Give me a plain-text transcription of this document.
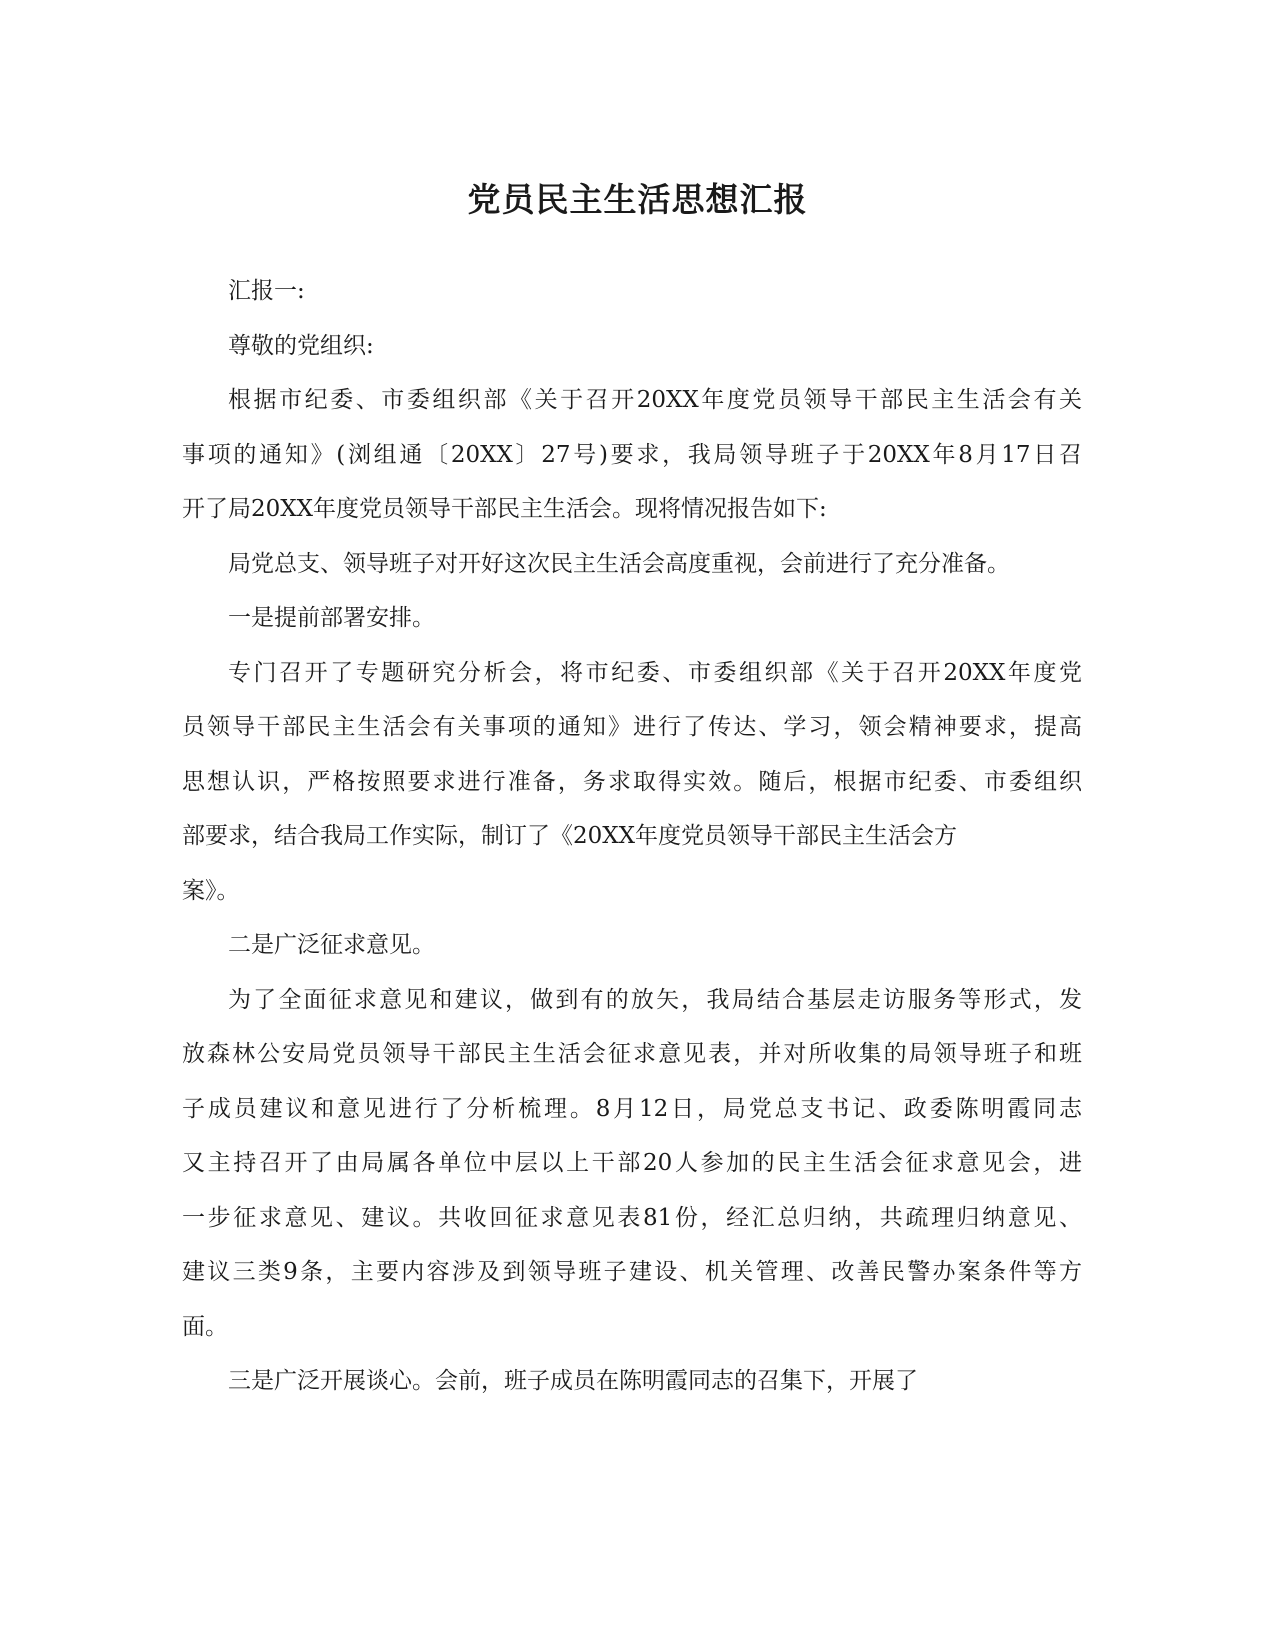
党员民主生活思想汇报

汇报一:

尊敬的党组织:

根据市纪委、市委组织部《关于召开20XX年度党员领导干部民主生活会有关
事项的通知》(浏组通〔20XX〕27号)要求，我局领导班子于20XX年8月17日召
开了局20XX年度党员领导干部民主生活会。现将情况报告如下:

局党总支、领导班子对开好这次民主生活会高度重视，会前进行了充分准备。

一是提前部署安排。

专门召开了专题研究分析会，将市纪委、市委组织部《关于召开20XX年度党
员领导干部民主生活会有关事项的通知》进行了传达、学习，领会精神要求，提高
思想认识，严格按照要求进行准备，务求取得实效。随后，根据市纪委、市委组织
部要求，结合我局工作实际，制订了《20XX年度党员领导干部民主生活会方
案》。

二是广泛征求意见。

为了全面征求意见和建议，做到有的放矢，我局结合基层走访服务等形式，发
放森林公安局党员领导干部民主生活会征求意见表，并对所收集的局领导班子和班
子成员建议和意见进行了分析梳理。8月12日，局党总支书记、政委陈明霞同志
又主持召开了由局属各单位中层以上干部20人参加的民主生活会征求意见会，进
一步征求意见、建议。共收回征求意见表81份，经汇总归纳，共疏理归纳意见、
建议三类9条，主要内容涉及到领导班子建设、机关管理、改善民警办案条件等方
面。

三是广泛开展谈心。会前，班子成员在陈明霞同志的召集下，开展了
